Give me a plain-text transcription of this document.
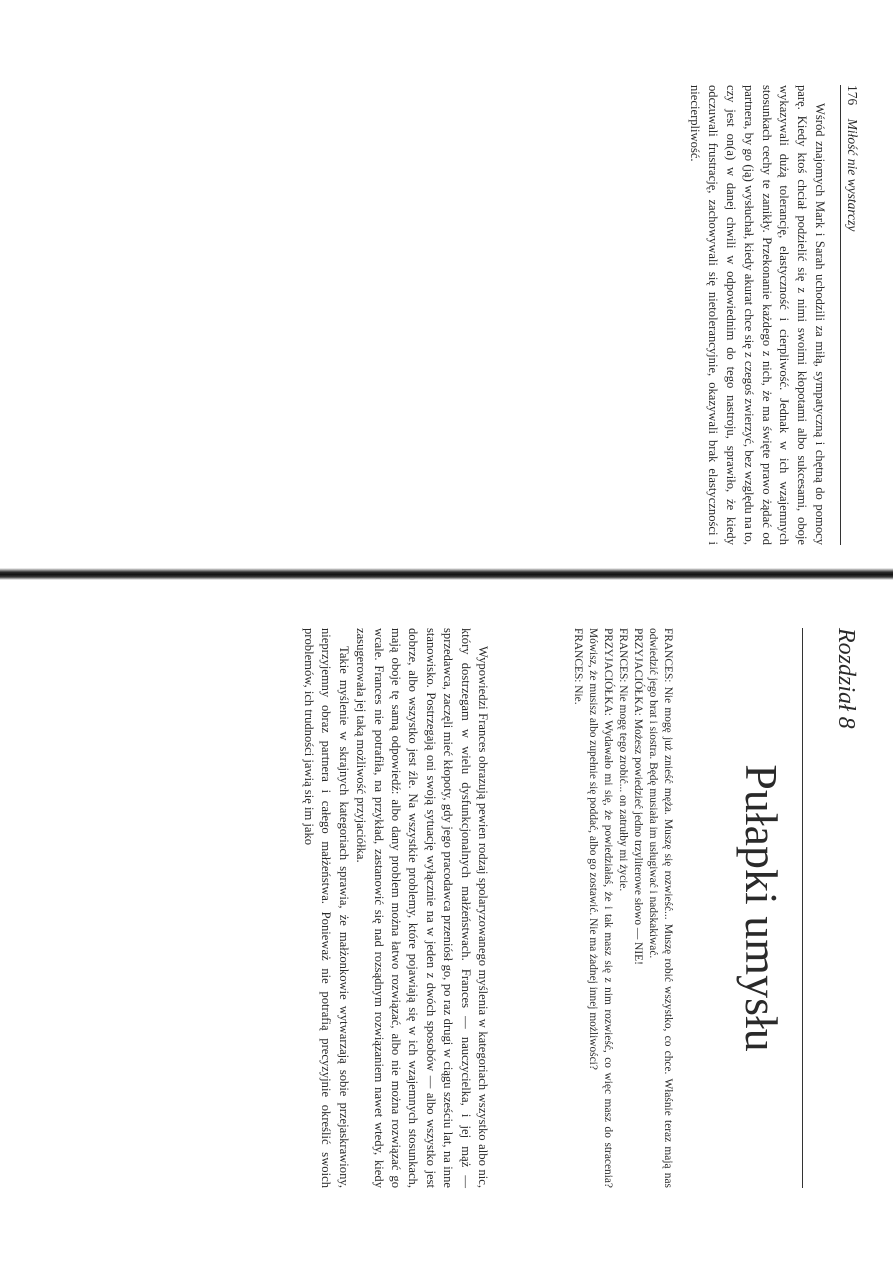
176 Miłość nie wystarczy

Wśród znajomych Mark i Sarah uchodzili za miłą, sympatyczną i chętną do pomocy parę. Kiedy ktoś chciał podzielić się z nimi swoimi kłopotami albo sukcesami, oboje wykazywali dużą tolerancję, elastyczność i cierpliwość. Jednak w ich wzajemnych stosunkach cechy te zanikły. Przekonanie każdego z nich, że ma święte prawo żądać od partnera, by go (ją) wysłuchał, kiedy akurat chce się z czegoś zwierzyć, bez względu na to, czy jest on(a) w danej chwili w odpowiednim do tego nastroju, sprawiło, że kiedy odczuwali frustrację, zachowywali się nietolerancyjnie, okazywali brak elastyczności i niecierpliwość.

Rozdział 8
Pułapki umysłu

FRANCES: Nie mogę już znieść męża. Muszę się rozwieść... Muszę robić wszystko, co chce. Właśnie teraz mają nas odwiedzić jego brat i siostra. Będę musiała im usługiwać i nadskakiwać.

PRZYJACIÓŁKA: Możesz powiedzieć jedno trzyliterowe słowo — NIE!

FRANCES: Nie mogę tego zrobić... on zatrułby mi życie.

PRZYJACIÓŁKA: Wydawało mi się, że powiedziałaś, że i tak masz się z nim rozwieść, co więc masz do stracenia? Mówisz, że musisz albo zupełnie się poddać, albo go zostawić. Nie ma żadnej innej możliwości?

FRANCES: Nie.

Wypowiedzi Frances obrazują pewien rodzaj spolaryzowanego myślenia w kategoriach wszystko albo nic, który dostrzegam w wielu dysfunkcjonalnych małżeństwach. Frances — nauczycielka, i jej mąż — sprzedawca, zaczęli mieć kłopoty, gdy jego pracodawca przeniósł go, po raz drugi w ciągu sześciu lat, na inne stanowisko. Postrzegają oni swoją sytuację wyłącznie na w jeden z dwóch sposobów — albo wszystko jest dobrze, albo wszystko jest źle. Na wszystkie problemy, które pojawiają się w ich wzajemnych stosunkach, mają oboje tę samą odpowiedź: albo dany problem można łatwo rozwiązać, albo nie można rozwiązać go wcale. Frances nie potrafiła, na przykład, zastanowić się nad rozsądnym rozwiązaniem nawet wtedy, kiedy zasugerowała jej taką możliwość przyjaciółka.

Takie myślenie w skrajnych kategoriach sprawia, że małżonkowie wytwarzają sobie przejaskrawiony, nieprzyjemny obraz partnera i całego małżeństwa. Ponieważ nie potrafią precyzyjnie określić swoich problemów, ich trudności jawią się im jako
